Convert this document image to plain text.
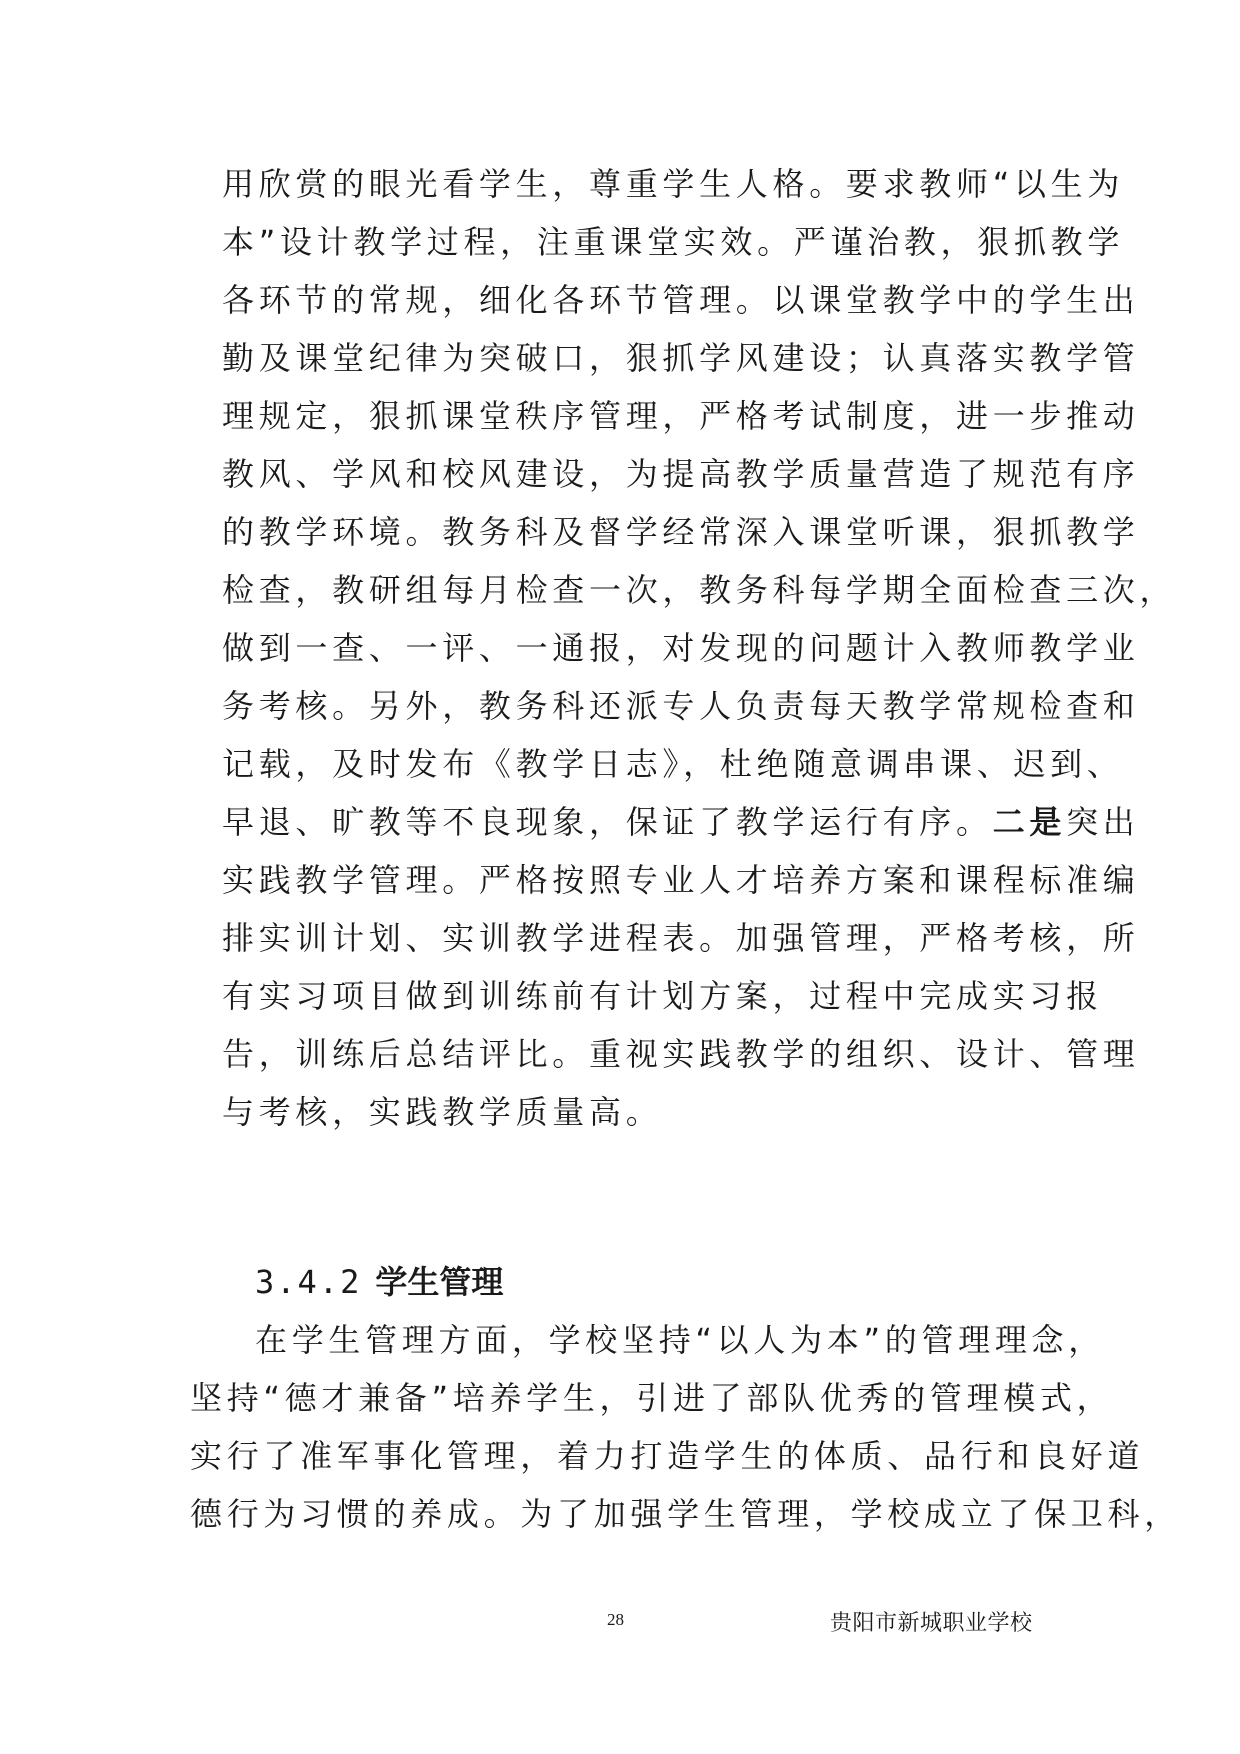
用欣赏的眼光看学生，尊重学生人格。要求教师“以生为
本”设计教学过程，注重课堂实效。严谨治教，狠抓教学
各环节的常规，细化各环节管理。以课堂教学中的学生出
勤及课堂纪律为突破口，狠抓学风建设；认真落实教学管
理规定，狠抓课堂秩序管理，严格考试制度，进一步推动
教风、学风和校风建设，为提高教学质量营造了规范有序
的教学环境。教务科及督学经常深入课堂听课，狠抓教学
检查，教研组每月检查一次，教务科每学期全面检查三次，
做到一查、一评、一通报，对发现的问题计入教师教学业
务考核。另外，教务科还派专人负责每天教学常规检查和
记载，及时发布《教学日志》，杜绝随意调串课、迟到、
早退、旷教等不良现象，保证了教学运行有序。二是突出
实践教学管理。严格按照专业人才培养方案和课程标准编
排实训计划、实训教学进程表。加强管理，严格考核，所
有实习项目做到训练前有计划方案，过程中完成实习报
告，训练后总结评比。重视实践教学的组织、设计、管理
与考核，实践教学质量高。
3.4.2 学生管理
在学生管理方面，学校坚持“以人为本”的管理理念，
坚持“德才兼备”培养学生，引进了部队优秀的管理模式，
实行了准军事化管理，着力打造学生的体质、品行和良好道
德行为习惯的养成。为了加强学生管理，学校成立了保卫科，
28	贵阳市新城职业学校
